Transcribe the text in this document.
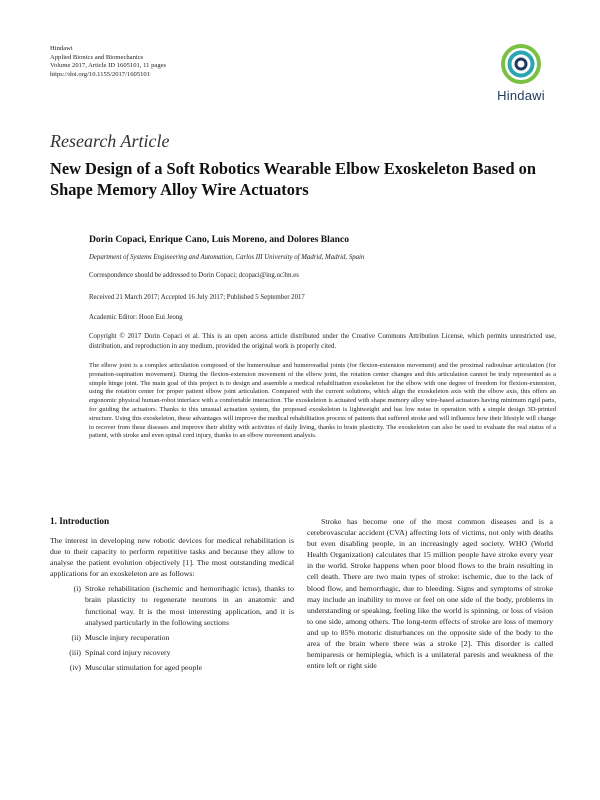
Hindawi
Applied Bionics and Biomechanics
Volume 2017, Article ID 1605101, 11 pages
https://doi.org/10.1155/2017/1605101
Hindawi
Research Article
New Design of a Soft Robotics Wearable Elbow Exoskeleton Based on Shape Memory Alloy Wire Actuators
Dorin Copaci, Enrique Cano, Luis Moreno, and Dolores Blanco
Department of Systems Engineering and Automation, Carlos III University of Madrid, Madrid, Spain
Correspondence should be addressed to Dorin Copaci; dcopaci@ing.uc3m.es
Received 21 March 2017; Accepted 16 July 2017; Published 5 September 2017
Academic Editor: Hoon Eui Jeong
Copyright © 2017 Dorin Copaci et al. This is an open access article distributed under the Creative Commons Attribution License, which permits unrestricted use, distribution, and reproduction in any medium, provided the original work is properly cited.
The elbow joint is a complex articulation composed of the humeroulnar and humeroradial joints (for flexion-extension movement) and the proximal radioulnar articulation (for pronation-supination movement). During the flexion-extension movement of the elbow joint, the rotation center changes and this articulation cannot be truly represented as a simple hinge joint. The main goal of this project is to design and assemble a medical rehabilitation exoskeleton for the elbow with one degree of freedom for flexion-extension, using the rotation center for proper patient elbow joint articulation. Compared with the current solutions, which align the exoskeleton axis with the elbow axis, this offers an ergonomic physical human-robot interface with a comfortable interaction. The exoskeleton is actuated with shape memory alloy wire-based actuators having minimum rigid parts, for guiding the actuators. Thanks to this unusual actuation system, the proposed exoskeleton is lightweight and has low noise in operation with a simple design 3D-printed structure. Using this exoskeleton, these advantages will improve the medical rehabilitation process of patients that suffered stroke and will influence how their lifestyle will change to recover from these diseases and improve their ability with activities of daily living, thanks to brain plasticity. The exoskeleton can also be used to evaluate the real status of a patient, with stroke and even spinal cord injury, thanks to an elbow movement analysis.
1. Introduction

The interest in developing new robotic devices for medical rehabilitation is due to their capacity to perform repetitive tasks and because they allow to analyse the patient evolution objectively [1]. The most outstanding medical applications for an exoskeleton are as follows:

(i) Stroke rehabilitation (ischemic and hemorrhagic ictus), thanks to brain plasticity to regenerate neurons in an anatomic and functional way. It is the most interesting application, and it is analysed particularly in the following sections
(ii) Muscle injury recuperation
(iii) Spinal cord injury recovery
(iv) Muscular stimulation for aged people

Stroke has become one of the most common diseases and is a cerebrovascular accident (CVA) affecting lots of victims, not only with deaths but even disabling people, in an increasingly aged society. WHO (World Health Organization) calculates that 15 million people have stroke every year in the world. Stroke happens when poor blood flows to the brain resulting in cell death. There are two main types of stroke: ischemic, due to the lack of blood flow, and hemorrhagic, due to bleeding. Signs and symptoms of stroke may include an inability to move or feel on one side of the body, problems in understanding or speaking, feeling like the world is spinning, or loss of vision to one side, among others. The long-term effects of stroke are loss of memory and up to 85% motoric disturbances on the opposite side of the body to the area of the brain where there was a stroke [2]. This disorder is called hemiparesis or hemiplegia, which is a unilateral paresis and weakness of the entire left or right side
